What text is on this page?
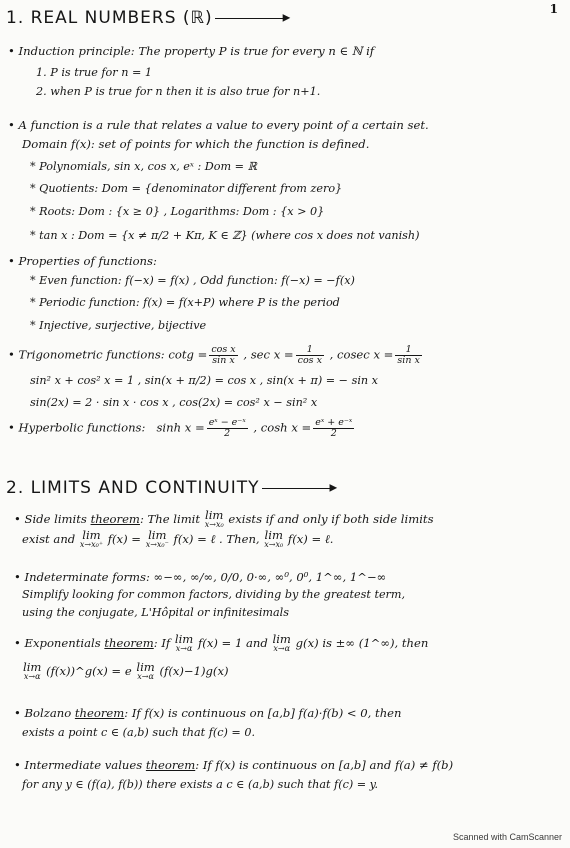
1
1. REAL NUMBERS (ℝ)	▶
• Induction principle: The property P is true for every n ∈ ℕ if
1. P is true for n = 1
2. when P is true for n then it is also true for n+1.
• A function is a rule that relates a value to every point of a certain set.
Domain f(x): set of points for which the function is defined.
* Polynomials, sin x, cos x, eˣ : Dom = ℝ
* Quotients: Dom = {denominator different from zero}
* Roots: Dom : {x ≥ 0} , Logarithms: Dom : {x > 0}
* tan x : Dom = {x ≠ π/2 + Kπ, K ∈ ℤ} (where cos x does not vanish)
• Properties of functions:
* Even function: f(−x) = f(x) , Odd function: f(−x) = −f(x)
* Periodic function: f(x) = f(x+P) where P is the period
* Injective, surjective, bijective
• Trigonometric functions: $\cot g = \frac{\text{cos x}}{\text{sin x}}$ , $\sec x = \frac{1}{\text{cos x}}$ , cosec $x = \frac{1}{\text{sin x}}$
sin² x + cos² x = 1 , sin(x + π/2) = cos x , sin(x + π) = − sin x
sin(2x) = 2 · sin x · cos x , cos(2x) = cos² x − sin² x
• Hyperbolic functions: $\sinh x = \frac{\text{eˣ − e⁻ˣ}}{2}$ , $\cosh x = \frac{\text{eˣ + e⁻ˣ}}{2}$
2. LIMITS AND CONTINUITY	▶
• Side limits theorem: The limit lim
x→x₀ exists if and only if both side limits
exist and lim
x→x₀⁺ f(x) = lim
x→x₀⁻ f(x) = ℓ . Then, lim
x→x₀ f(x) = ℓ.
• Indeterminate forms: ∞−∞, ∞/∞, 0/0, 0·∞, ∞⁰, 0⁰, 1^∞, 1^−∞
Simplify looking for common factors, dividing by the greatest term,
using the conjugate, L'Hôpital or infinitesimals
• Exponentials theorem: If lim
x→α f(x) = 1 and lim
x→α g(x) is ±∞ (1^∞), then
lim
x→α (f(x))^g(x) = e lim
x→α (f(x)−1)g(x)
• Bolzano theorem: If f(x) is continuous on [a,b] f(a)·f(b) < 0, then
exists a point c ∈ (a,b) such that f(c) = 0.
• Intermediate values theorem: If f(x) is continuous on [a,b] and f(a) ≠ f(b)
for any y ∈ (f(a), f(b)) there exists a c ∈ (a,b) such that f(c) = y.
Scanned with CamScanner
